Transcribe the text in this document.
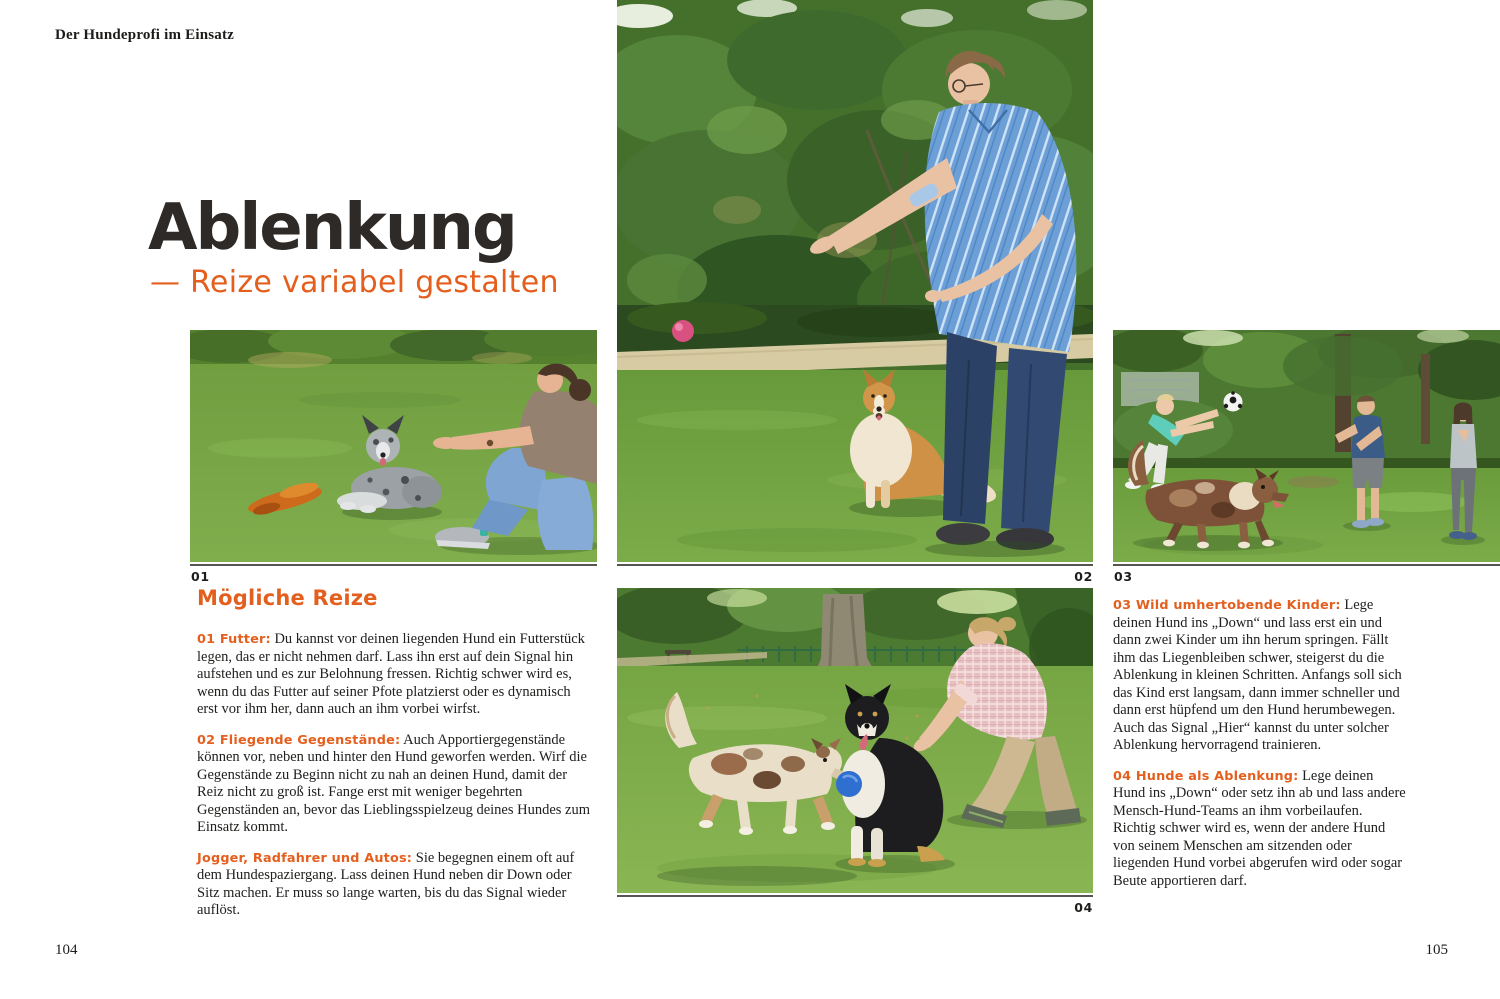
Der Hundeprofi im Einsatz
Ablenkung
— Reize variabel gestalten
01	02 03
04
Mögliche Reize

01 Futter: Du kannst vor deinen liegenden Hund ein Futterstück legen, das er nicht nehmen darf. Lass ihn erst auf dein Signal hin aufstehen und es zur Belohnung fressen. Richtig schwer wird es, wenn du das Futter auf seiner Pfote platzierst oder es dynamisch erst vor ihm her, dann auch an ihm vorbei wirfst.

02 Fliegende Gegenstände: Auch Apportiergegenstände können vor, neben und hinter den Hund geworfen werden. Wirf die Gegenstände zu Beginn nicht zu nah an deinen Hund, damit der Reiz nicht zu groß ist. Fange erst mit weniger begehrten Gegenständen an, bevor das Lieblingsspielzeug deines Hundes zum Einsatz kommt.

Jogger, Radfahrer und Autos: Sie begegnen einem oft auf dem Hundespaziergang. Lass deinen Hund neben dir Down oder Sitz machen. Er muss so lange warten, bis du das Signal wieder auflöst.

03 Wild umhertobende Kinder: Lege deinen Hund ins „Down“ und lass erst ein und dann zwei Kinder um ihn herum springen. Fällt ihm das Liegenbleiben schwer, steigerst du die Ablenkung in kleinen Schritten. Anfangs soll sich das Kind erst langsam, dann immer schneller und dann erst hüpfend um den Hund herumbewegen. Auch das Signal „Hier“ kannst du unter solcher Ablenkung hervorragend trainieren.

04 Hunde als Ablenkung: Lege deinen Hund ins „Down“ oder setz ihn ab und lass andere Mensch-Hund-Teams an ihm vorbeilaufen. Richtig schwer wird es, wenn der andere Hund von seinem Menschen am sitzenden oder liegenden Hund vorbei abgerufen wird oder sogar Beute apportieren darf.

104	105
